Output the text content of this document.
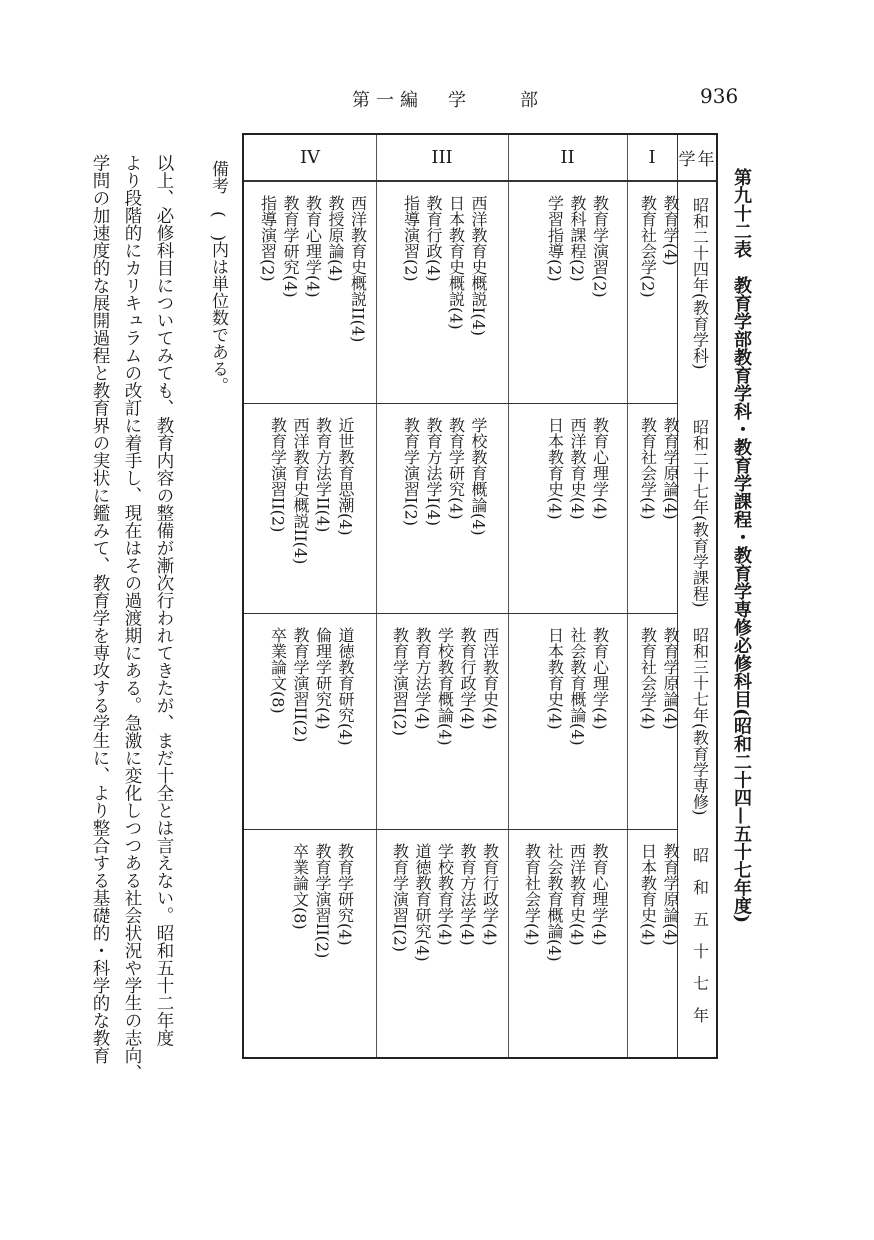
第一編　学　　部	936
第九十二表　教育学部教育学科・教育学課程・教育学専修必修科目(昭和二十四—五十七年度)
学年
I
II
III
IV
昭和二十四年(教育学科)
昭和二十七年(教育学課程)
昭和三十七年(教育学専修)
昭　和　五　十　七　年
教育学(4)
教育社会学(2)
教育学演習(2)
教科課程(2)
学習指導(2)
西洋教育史概説I(4)
日本教育史概説(4)
教育行政(4)
指導演習(2)
西洋教育史概説II(4)
教授原論(4)
教育心理学(4)
教育学研究(4)
指導演習(2)
教育学原論(4)
教育社会学(4)
教育心理学(4)
西洋教育史(4)
日本教育史(4)
学校教育概論(4)
教育学研究(4)
教育方法学I(4)
教育学演習I(2)
近世教育思潮(4)
教育方法学II(4)
西洋教育史概説II(4)
教育学演習II(2)
教育学原論(4)
教育社会学(4)
教育心理学(4)
社会教育概論(4)
日本教育史(4)
西洋教育史(4)
教育行政学(4)
学校教育概論(4)
教育方法学(4)
教育学演習I(2)
道徳教育研究(4)
倫理学研究(4)
教育学演習II(2)
卒業論文(8)
教育学原論(4)
日本教育史(4)
教育心理学(4)
西洋教育史(4)
社会教育概論(4)
教育社会学(4)
教育行政学(4)
教育方法学(4)
学校教育学(4)
道徳教育研究(4)
教育学演習I(2)
教育学研究(4)
教育学演習II(2)
卒業論文(8)
備考　(　)内は単位数である。
以上、必修科目についてみても、教育内容の整備が漸次行われてきたが、まだ十全とは言えない。昭和五十二年度
より段階的にカリキュラムの改訂に着手し、現在はその過渡期にある。急激に変化しつつある社会状況や学生の志向、
学問の加速度的な展開過程と教育界の実状に鑑みて、教育学を専攻する学生に、より整合する基礎的・科学的な教育
